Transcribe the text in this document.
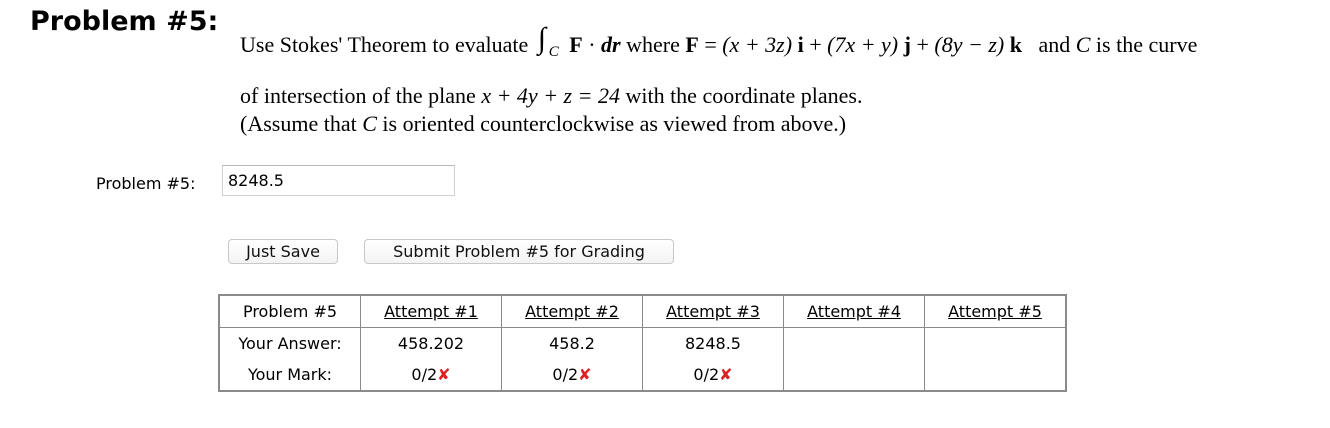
Problem #5:
Use Stokes' Theorem to evaluate ∫ C F · dr where F = (x + 3z) i + (7x + y) j + (8y − z) k and C is the curve
of intersection of the plane x + 4y + z = 24 with the coordinate planes.
(Assume that C is oriented counterclockwise as viewed from above.)
Problem #5:
8248.5
Just Save	Submit Problem #5 for Grading
Problem #5	Attempt #1	Attempt #2	Attempt #3	Attempt #4	Attempt #5
Your Answer:	458.202	458.2	8248.5		
Your Mark:	0/2✘	0/2✘	0/2✘		
